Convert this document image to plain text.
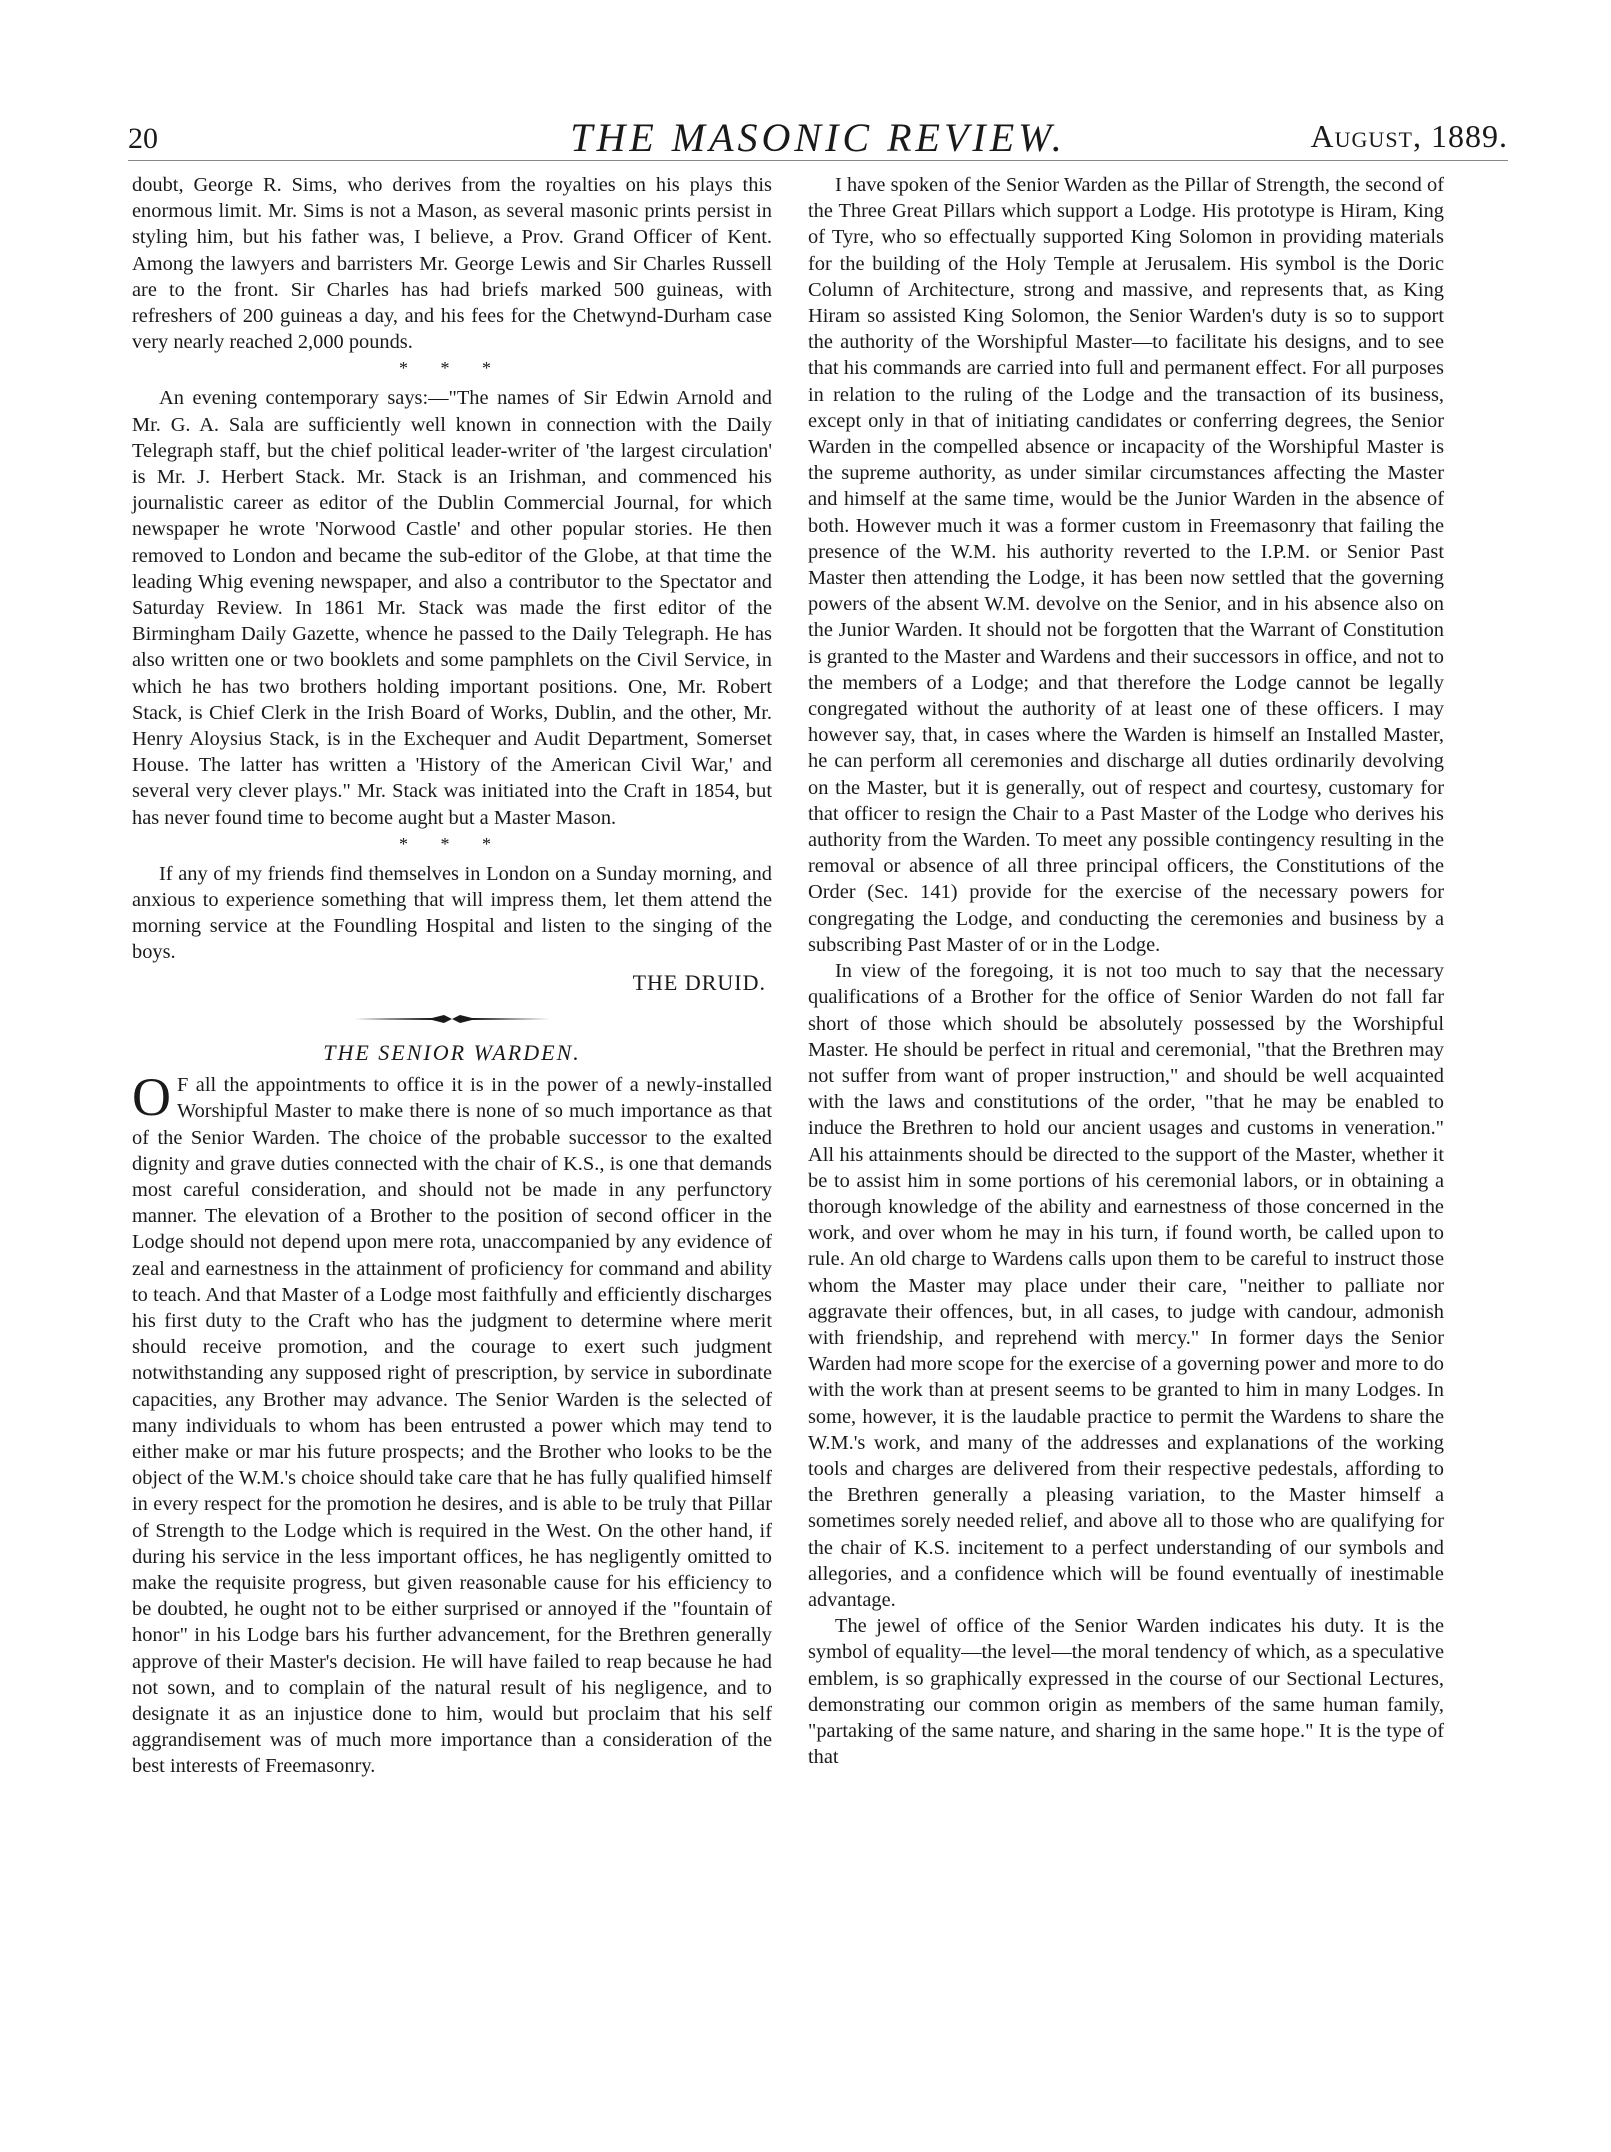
20	THE MASONIC REVIEW.	August, 1889.

doubt, George R. Sims, who derives from the royalties on his plays this enormous limit. Mr. Sims is not a Mason, as several masonic prints persist in styling him, but his father was, I believe, a Prov. Grand Officer of Kent. Among the lawyers and barristers Mr. George Lewis and Sir Charles Russell are to the front. Sir Charles has had briefs marked 500 guineas, with refreshers of 200 guineas a day, and his fees for the Chetwynd-Durham case very nearly reached 2,000 pounds.

* * *

An evening contemporary says:—"The names of Sir Edwin Arnold and Mr. G. A. Sala are sufficiently well known in connection with the Daily Telegraph staff, but the chief political leader-writer of 'the largest circulation' is Mr. J. Herbert Stack. Mr. Stack is an Irishman, and commenced his journalistic career as editor of the Dublin Commercial Journal, for which newspaper he wrote 'Norwood Castle' and other popular stories. He then removed to London and became the sub-editor of the Globe, at that time the leading Whig evening newspaper, and also a contributor to the Spectator and Saturday Review. In 1861 Mr. Stack was made the first editor of the Birmingham Daily Gazette, whence he passed to the Daily Telegraph. He has also written one or two booklets and some pamphlets on the Civil Service, in which he has two brothers holding important positions. One, Mr. Robert Stack, is Chief Clerk in the Irish Board of Works, Dublin, and the other, Mr. Henry Aloysius Stack, is in the Exchequer and Audit Department, Somerset House. The latter has written a 'History of the American Civil War,' and several very clever plays." Mr. Stack was initiated into the Craft in 1854, but has never found time to become aught but a Master Mason.

* * *

If any of my friends find themselves in London on a Sunday morning, and anxious to experience something that will impress them, let them attend the morning service at the Foundling Hospital and listen to the singing of the boys.

THE DRUID.
THE SENIOR WARDEN.

O F all the appointments to office it is in the power of a newly-installed Worshipful Master to make there is none of so much importance as that of the Senior Warden. The choice of the probable successor to the exalted dignity and grave duties connected with the chair of K.S., is one that demands most careful consideration, and should not be made in any perfunctory manner. The elevation of a Brother to the position of second officer in the Lodge should not depend upon mere rota, unaccompanied by any evidence of zeal and earnestness in the attainment of proficiency for command and ability to teach. And that Master of a Lodge most faithfully and efficiently discharges his first duty to the Craft who has the judgment to determine where merit should receive promotion, and the courage to exert such judgment notwithstanding any supposed right of prescription, by service in subordinate capacities, any Brother may advance. The Senior Warden is the selected of many individuals to whom has been entrusted a power which may tend to either make or mar his future prospects; and the Brother who looks to be the object of the W.M.'s choice should take care that he has fully qualified himself in every respect for the promotion he desires, and is able to be truly that Pillar of Strength to the Lodge which is required in the West. On the other hand, if during his service in the less important offices, he has negligently omitted to make the requisite progress, but given reasonable cause for his efficiency to be doubted, he ought not to be either surprised or annoyed if the "fountain of honor" in his Lodge bars his further advancement, for the Brethren generally approve of their Master's decision. He will have failed to reap because he had not sown, and to complain of the natural result of his negligence, and to designate it as an injustice done to him, would but proclaim that his self aggrandisement was of much more importance than a consideration of the best interests of Freemasonry.

I have spoken of the Senior Warden as the Pillar of Strength, the second of the Three Great Pillars which support a Lodge. His prototype is Hiram, King of Tyre, who so effectually supported King Solomon in providing materials for the building of the Holy Temple at Jerusalem. His symbol is the Doric Column of Architecture, strong and massive, and represents that, as King Hiram so assisted King Solomon, the Senior Warden's duty is so to support the authority of the Worshipful Master—to facilitate his designs, and to see that his commands are carried into full and permanent effect. For all purposes in relation to the ruling of the Lodge and the transaction of its business, except only in that of initiating candidates or conferring degrees, the Senior Warden in the compelled absence or incapacity of the Worshipful Master is the supreme authority, as under similar circumstances affecting the Master and himself at the same time, would be the Junior Warden in the absence of both. However much it was a former custom in Freemasonry that failing the presence of the W.M. his authority reverted to the I.P.M. or Senior Past Master then attending the Lodge, it has been now settled that the governing powers of the absent W.M. devolve on the Senior, and in his absence also on the Junior Warden. It should not be forgotten that the Warrant of Constitution is granted to the Master and Wardens and their successors in office, and not to the members of a Lodge; and that therefore the Lodge cannot be legally congregated without the authority of at least one of these officers. I may however say, that, in cases where the Warden is himself an Installed Master, he can perform all ceremonies and discharge all duties ordinarily devolving on the Master, but it is generally, out of respect and courtesy, customary for that officer to resign the Chair to a Past Master of the Lodge who derives his authority from the Warden. To meet any possible contingency resulting in the removal or absence of all three principal officers, the Constitutions of the Order (Sec. 141) provide for the exercise of the necessary powers for congregating the Lodge, and conducting the ceremonies and business by a subscribing Past Master of or in the Lodge.

In view of the foregoing, it is not too much to say that the necessary qualifications of a Brother for the office of Senior Warden do not fall far short of those which should be absolutely possessed by the Worshipful Master. He should be perfect in ritual and ceremonial, "that the Brethren may not suffer from want of proper instruction," and should be well acquainted with the laws and constitutions of the order, "that he may be enabled to induce the Brethren to hold our ancient usages and customs in veneration." All his attainments should be directed to the support of the Master, whether it be to assist him in some portions of his ceremonial labors, or in obtaining a thorough knowledge of the ability and earnestness of those concerned in the work, and over whom he may in his turn, if found worth, be called upon to rule. An old charge to Wardens calls upon them to be careful to instruct those whom the Master may place under their care, "neither to palliate nor aggravate their offences, but, in all cases, to judge with candour, admonish with friendship, and reprehend with mercy." In former days the Senior Warden had more scope for the exercise of a governing power and more to do with the work than at present seems to be granted to him in many Lodges. In some, however, it is the laudable practice to permit the Wardens to share the W.M.'s work, and many of the addresses and explanations of the working tools and charges are delivered from their respective pedestals, affording to the Brethren generally a pleasing variation, to the Master himself a sometimes sorely needed relief, and above all to those who are qualifying for the chair of K.S. incitement to a perfect understanding of our symbols and allegories, and a confidence which will be found eventually of inestimable advantage.

The jewel of office of the Senior Warden indicates his duty. It is the symbol of equality—the level—the moral tendency of which, as a speculative emblem, is so graphically expressed in the course of our Sectional Lectures, demonstrating our common origin as members of the same human family, "partaking of the same nature, and sharing in the same hope." It is the type of that
